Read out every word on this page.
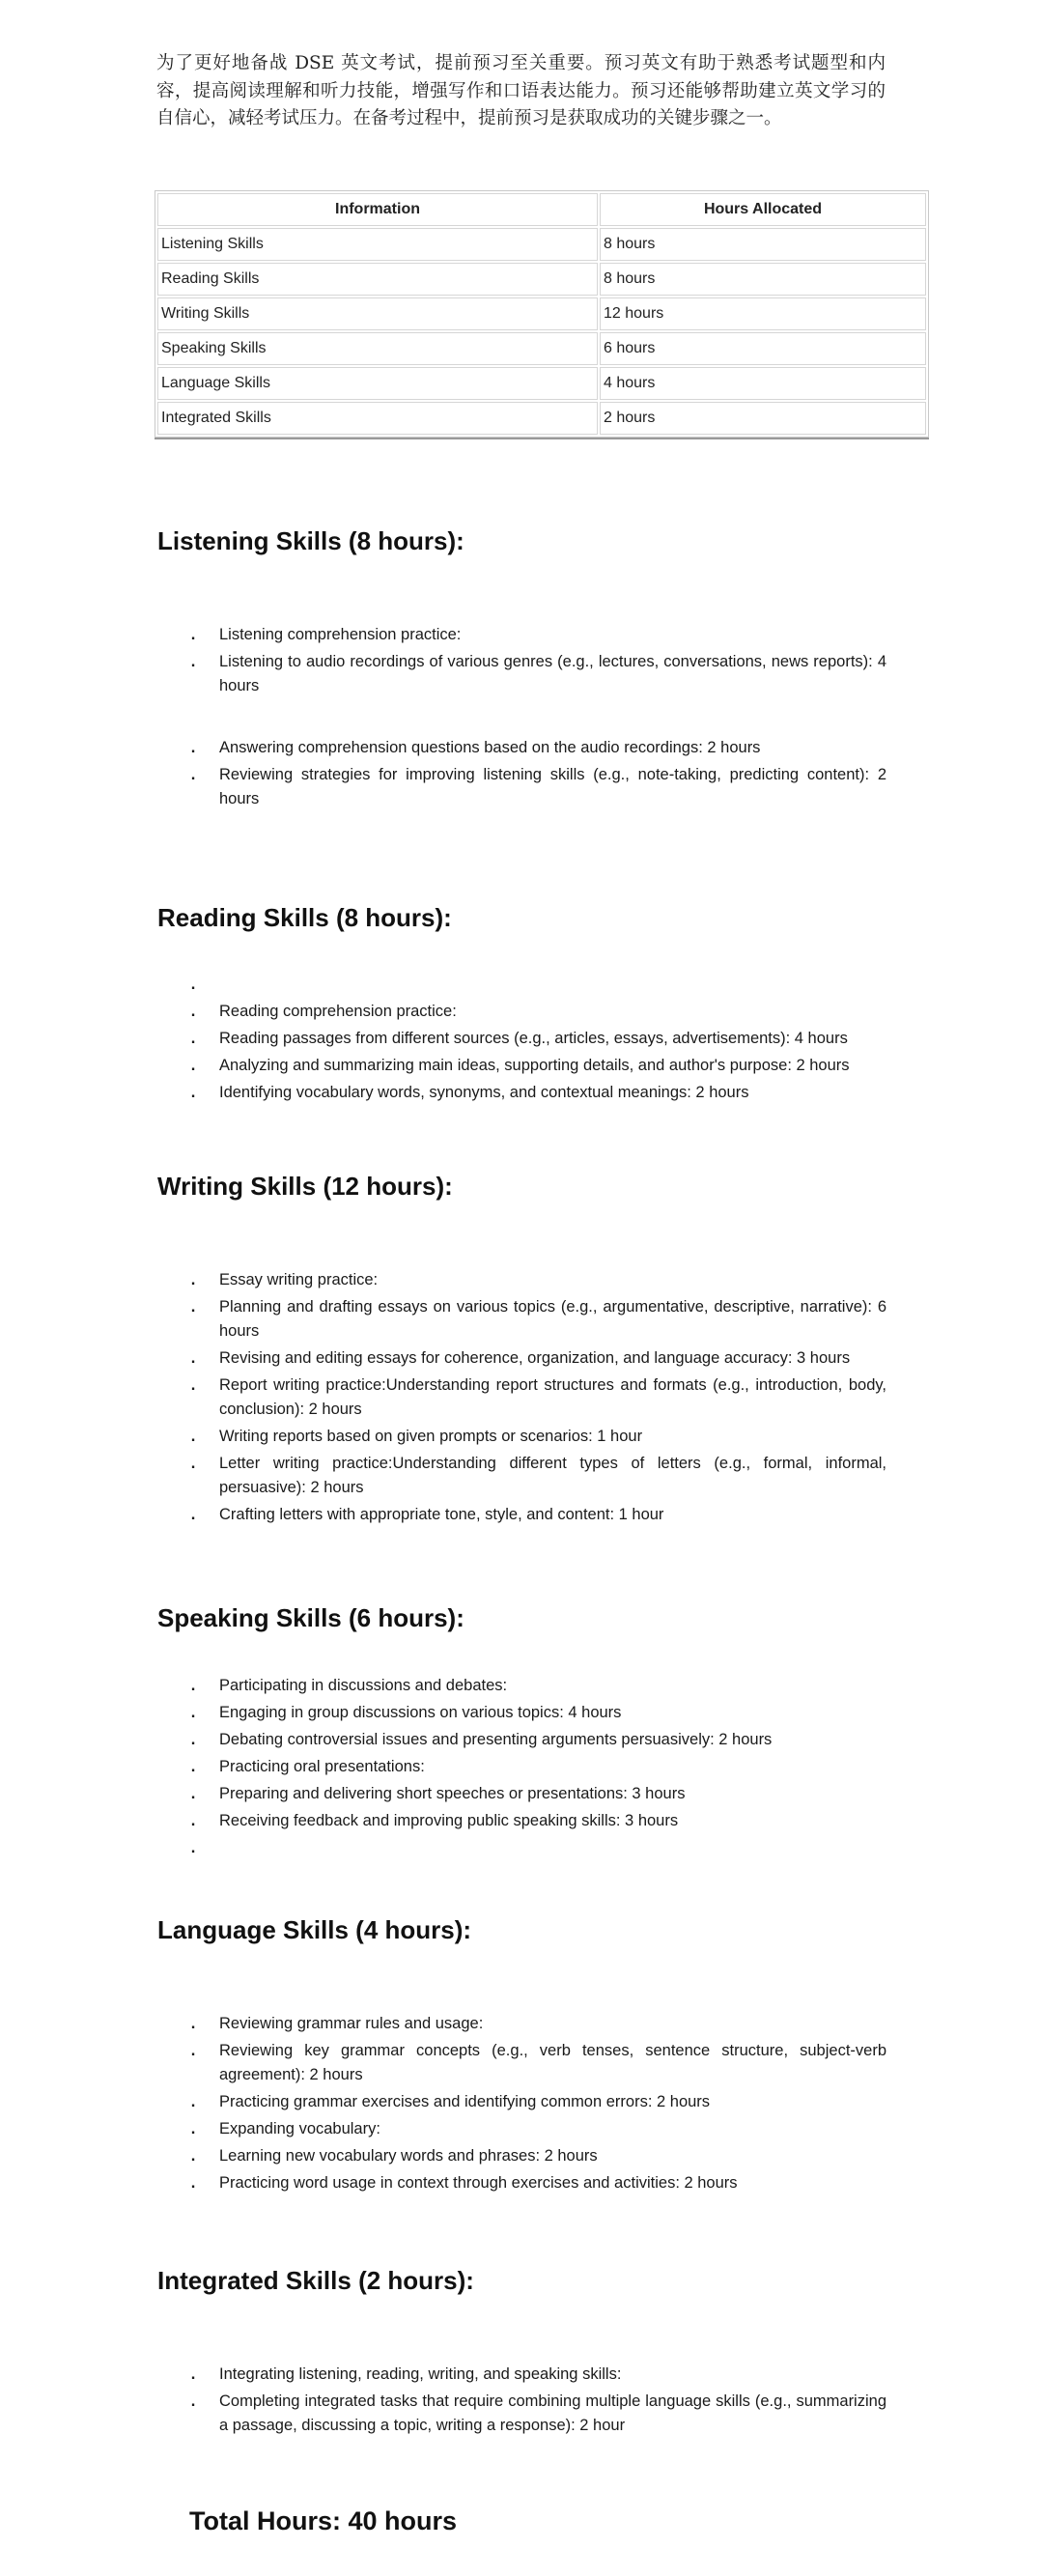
为了更好地备战 DSE 英文考试，提前预习至关重要。预习英文有助于熟悉考试题型和内容，提高阅读理解和听力技能，增强写作和口语表达能力。预习还能够帮助建立英文学习的自信心，减轻考试压力。在备考过程中，提前预习是获取成功的关键步骤之一。

Information	Hours Allocated
Listening Skills	8 hours
Reading Skills	8 hours
Writing Skills	12 hours
Speaking Skills	6 hours
Language Skills	4 hours
Integrated Skills	2 hours
Listening Skills (8 hours):
. Listening comprehension practice:
. Listening to audio recordings of various genres (e.g., lectures, conversations, news reports): 4 hours
. Answering comprehension questions based on the audio recordings: 2 hours
. Reviewing strategies for improving listening skills (e.g., note-taking, predicting content): 2 hours
Reading Skills (8 hours):
.
. Reading comprehension practice:
. Reading passages from different sources (e.g., articles, essays, advertisements): 4 hours
. Analyzing and summarizing main ideas, supporting details, and author's purpose: 2 hours
. Identifying vocabulary words, synonyms, and contextual meanings: 2 hours
Writing Skills (12 hours):
. Essay writing practice:
. Planning and drafting essays on various topics (e.g., argumentative, descriptive, narrative): 6 hours
. Revising and editing essays for coherence, organization, and language accuracy: 3 hours
. Report writing practice:Understanding report structures and formats (e.g., introduction, body, conclusion): 2 hours
. Writing reports based on given prompts or scenarios: 1 hour
. Letter writing practice:Understanding different types of letters (e.g., formal, informal, persuasive): 2 hours
. Crafting letters with appropriate tone, style, and content: 1 hour
Speaking Skills (6 hours):
. Participating in discussions and debates:
. Engaging in group discussions on various topics: 4 hours
. Debating controversial issues and presenting arguments persuasively: 2 hours
. Practicing oral presentations:
. Preparing and delivering short speeches or presentations: 3 hours
. Receiving feedback and improving public speaking skills: 3 hours
.
Language Skills (4 hours):
. Reviewing grammar rules and usage:
. Reviewing key grammar concepts (e.g., verb tenses, sentence structure, subject-verb agreement): 2 hours
. Practicing grammar exercises and identifying common errors: 2 hours
. Expanding vocabulary:
. Learning new vocabulary words and phrases: 2 hours
. Practicing word usage in context through exercises and activities: 2 hours
Integrated Skills (2 hours):
. Integrating listening, reading, writing, and speaking skills:
. Completing integrated tasks that require combining multiple language skills (e.g., summarizing a passage, discussing a topic, writing a response): 2 hour
Total Hours: 40 hours
